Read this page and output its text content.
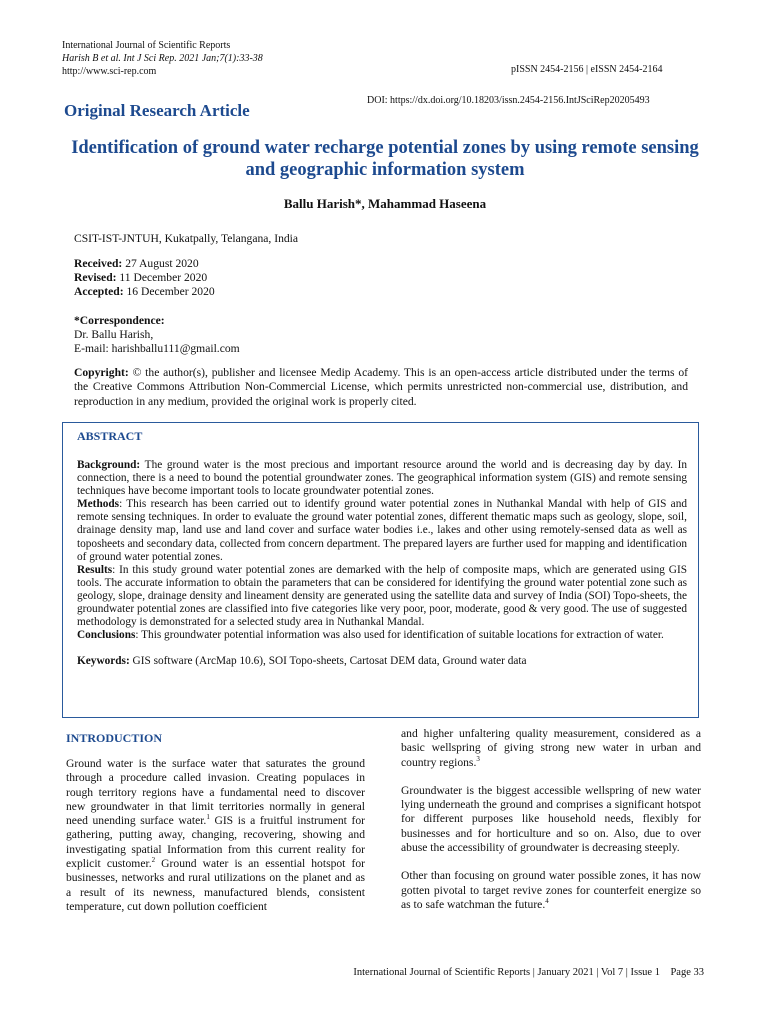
International Journal of Scientific Reports
Harish B et al. Int J Sci Rep. 2021 Jan;7(1):33-38
http://www.sci-rep.com	pISSN 2454-2156 | eISSN 2454-2164
DOI: https://dx.doi.org/10.18203/issn.2454-2156.IntJSciRep20205493
Original Research Article
Identification of ground water recharge potential zones by using remote sensing and geographic information system
Ballu Harish*, Mahammad Haseena
CSIT-IST-JNTUH, Kukatpally, Telangana, India
Received: 27 August 2020
Revised: 11 December 2020
Accepted: 16 December 2020
*Correspondence:
Dr. Ballu Harish,
E-mail: harishballu111@gmail.com
Copyright: © the author(s), publisher and licensee Medip Academy. This is an open-access article distributed under the terms of the Creative Commons Attribution Non-Commercial License, which permits unrestricted non-commercial use, distribution, and reproduction in any medium, provided the original work is properly cited.
ABSTRACT

Background: The ground water is the most precious and important resource around the world and is decreasing day by day. In connection, there is a need to bound the potential groundwater zones. The geographical information system (GIS) and remote sensing techniques have become important tools to locate groundwater potential zones.

Methods: This research has been carried out to identify ground water potential zones in Nuthankal Mandal with help of GIS and remote sensing techniques. In order to evaluate the ground water potential zones, different thematic maps such as geology, slope, soil, drainage density map, land use and land cover and surface water bodies i.e., lakes and other using remotely-sensed data as well as toposheets and secondary data, collected from concern department. The prepared layers are further used for mapping and identification of ground water potential zones.

Results: In this study ground water potential zones are demarked with the help of composite maps, which are generated using GIS tools. The accurate information to obtain the parameters that can be considered for identifying the ground water potential zone such as geology, slope, drainage density and lineament density are generated using the satellite data and survey of India (SOI) Topo-sheets, the groundwater potential zones are classified into five categories like very poor, poor, moderate, good & very good. The use of suggested methodology is demonstrated for a selected study area in Nuthankal Mandal.

Conclusions: This groundwater potential information was also used for identification of suitable locations for extraction of water.

Keywords: GIS software (ArcMap 10.6), SOI Topo-sheets, Cartosat DEM data, Ground water data

INTRODUCTION

Ground water is the surface water that saturates the ground through a procedure called invasion. Creating populaces in rough territory regions have a fundamental need to discover new groundwater in that limit territories normally in general need unending surface water.$^1$ GIS is a fruitful instrument for gathering, putting away, changing, recovering, showing and investigating spatial Information from this current reality for explicit customer.$^2$ Ground water is an essential hotspot for businesses, networks and rural utilizations on the planet and as a result of its newness, manufactured blends, consistent temperature, cut down pollution coefficient

and higher unfaltering quality measurement, considered as a basic wellspring of giving strong new water in urban and country regions.$^3$

Groundwater is the biggest accessible wellspring of new water lying underneath the ground and comprises a significant hotspot for different purposes like household needs, flexibly for businesses and for horticulture and so on. Also, due to over abuse the accessibility of groundwater is decreasing steeply.

Other than focusing on ground water possible zones, it has now gotten pivotal to target revive zones for counterfeit energize so as to safe watchman the future.$^4$

International Journal of Scientific Reports | January 2021 | Vol 7 | Issue 1    Page 33
